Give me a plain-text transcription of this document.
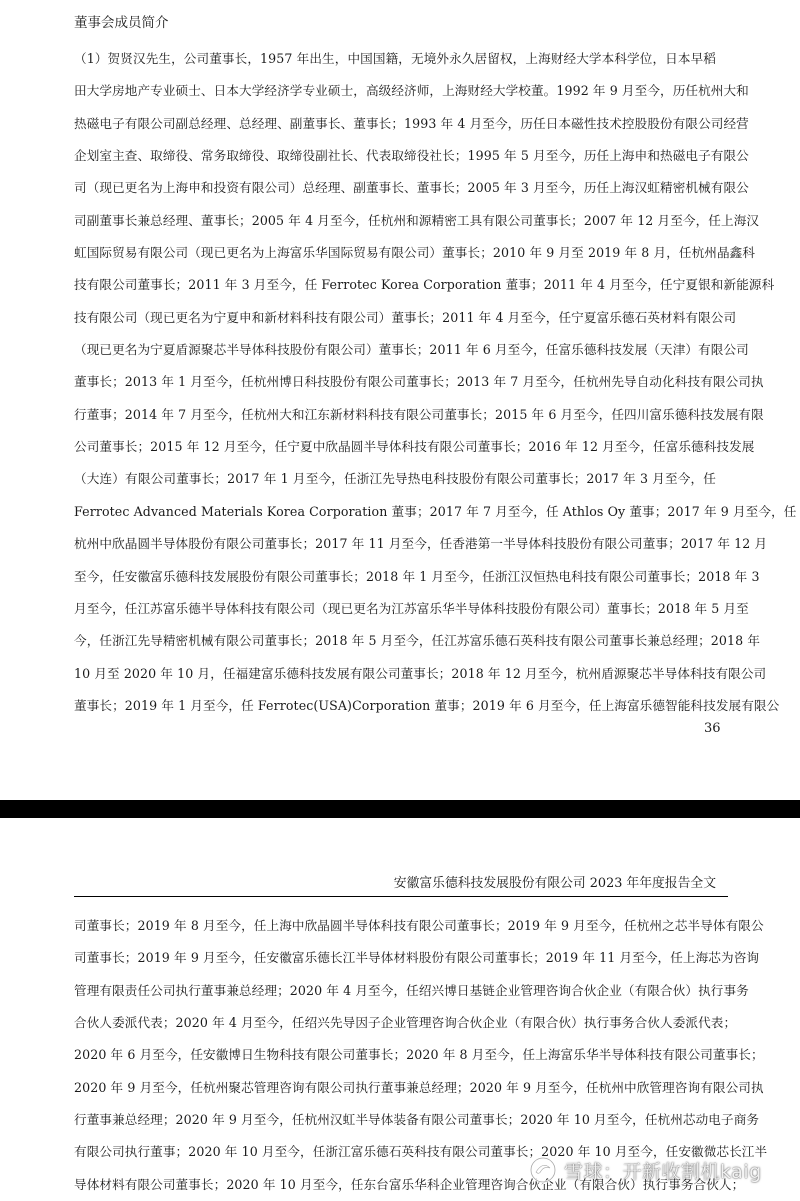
董事会成员简介
（1）贺贤汉先生，公司董事长，1957 年出生，中国国籍，无境外永久居留权，上海财经大学本科学位，日本早稻
田大学房地产专业硕士、日本大学经济学专业硕士，高级经济师，上海财经大学校董。1992 年 9 月至今，历任杭州大和
热磁电子有限公司副总经理、总经理、副董事长、董事长；1993 年 4 月至今，历任日本磁性技术控股股份有限公司经营
企划室主查、取缔役、常务取缔役、取缔役副社长、代表取缔役社长；1995 年 5 月至今，历任上海申和热磁电子有限公
司（现已更名为上海申和投资有限公司）总经理、副董事长、董事长；2005 年 3 月至今，历任上海汉虹精密机械有限公
司副董事长兼总经理、董事长；2005 年 4 月至今，任杭州和源精密工具有限公司董事长；2007 年 12 月至今，任上海汉
虹国际贸易有限公司（现已更名为上海富乐华国际贸易有限公司）董事长；2010 年 9 月至 2019 年 8 月，任杭州晶鑫科
技有限公司董事长；2011 年 3 月至今，任 Ferrotec Korea Corporation 董事；2011 年 4 月至今，任宁夏银和新能源科
技有限公司（现已更名为宁夏申和新材料科技有限公司）董事长；2011 年 4 月至今，任宁夏富乐德石英材料有限公司
（现已更名为宁夏盾源聚芯半导体科技股份有限公司）董事长；2011 年 6 月至今，任富乐德科技发展（天津）有限公司
董事长；2013 年 1 月至今，任杭州博日科技股份有限公司董事长；2013 年 7 月至今，任杭州先导自动化科技有限公司执
行董事；2014 年 7 月至今，任杭州大和江东新材料科技有限公司董事长；2015 年 6 月至今，任四川富乐德科技发展有限
公司董事长；2015 年 12 月至今，任宁夏中欣晶圆半导体科技有限公司董事长；2016 年 12 月至今，任富乐德科技发展
（大连）有限公司董事长；2017 年 1 月至今，任浙江先导热电科技股份有限公司董事长；2017 年 3 月至今，任
Ferrotec Advanced Materials Korea Corporation 董事；2017 年 7 月至今，任 Athlos Oy 董事；2017 年 9 月至今，任
杭州中欣晶圆半导体股份有限公司董事长；2017 年 11 月至今，任香港第一半导体科技股份有限公司董事；2017 年 12 月
至今，任安徽富乐德科技发展股份有限公司董事长；2018 年 1 月至今，任浙江汉恒热电科技有限公司董事长；2018 年 3
月至今，任江苏富乐德半导体科技有限公司（现已更名为江苏富乐华半导体科技股份有限公司）董事长；2018 年 5 月至
今，任浙江先导精密机械有限公司董事长；2018 年 5 月至今，任江苏富乐德石英科技有限公司董事长兼总经理；2018 年
10 月至 2020 年 10 月，任福建富乐德科技发展有限公司董事长；2018 年 12 月至今，杭州盾源聚芯半导体科技有限公司
董事长；2019 年 1 月至今，任 Ferrotec(USA)Corporation 董事；2019 年 6 月至今，任上海富乐德智能科技发展有限公
36
安徽富乐德科技发展股份有限公司 2023 年年度报告全文
司董事长；2019 年 8 月至今，任上海中欣晶圆半导体科技有限公司董事长；2019 年 9 月至今，任杭州之芯半导体有限公
司董事长；2019 年 9 月至今，任安徽富乐德长江半导体材料股份有限公司董事长；2019 年 11 月至今，任上海芯为咨询
管理有限责任公司执行董事兼总经理；2020 年 4 月至今，任绍兴博日基链企业管理咨询合伙企业（有限合伙）执行事务
合伙人委派代表；2020 年 4 月至今，任绍兴先导因子企业管理咨询合伙企业（有限合伙）执行事务合伙人委派代表；
2020 年 6 月至今，任安徽博日生物科技有限公司董事长；2020 年 8 月至今，任上海富乐华半导体科技有限公司董事长；
2020 年 9 月至今，任杭州聚芯管理咨询有限公司执行董事兼总经理；2020 年 9 月至今，任杭州中欣管理咨询有限公司执
行董事兼总经理；2020 年 9 月至今，任杭州汉虹半导体装备有限公司董事长；2020 年 10 月至今，任杭州芯动电子商务
有限公司执行董事；2020 年 10 月至今，任浙江富乐德石英科技有限公司董事长；2020 年 10 月至今，任安徽微芯长江半
导体材料有限公司董事长；2020 年 10 月至今，任东台富乐华科企业管理咨询合伙企业（有限合伙）执行事务合伙人；
雪球：开新收割机kaig
